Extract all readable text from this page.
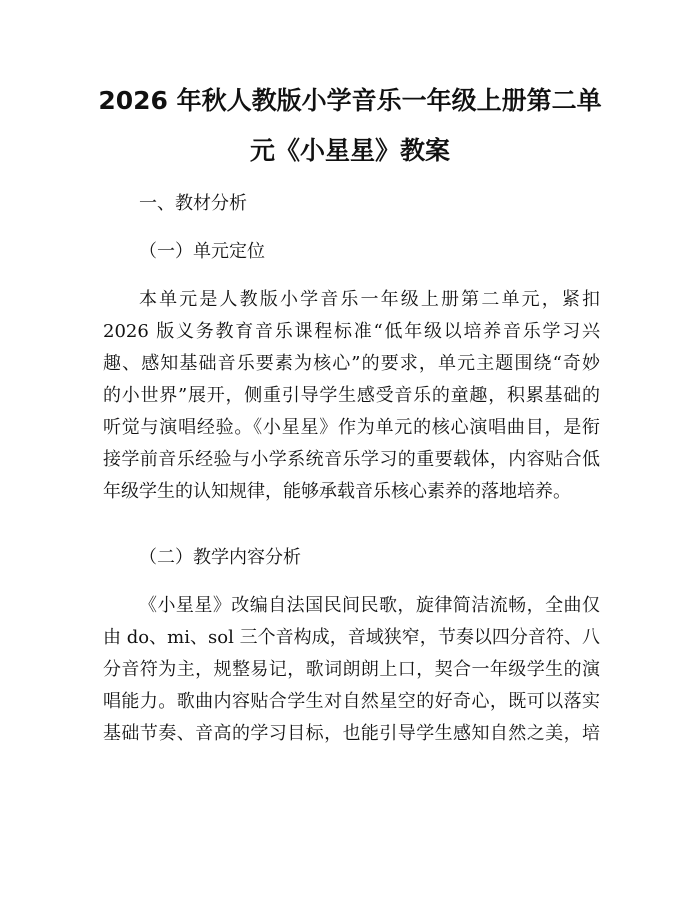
2026 年秋人教版小学音乐一年级上册第二单
元《小星星》教案
一、教材分析
（一）单元定位
本单元是人教版小学音乐一年级上册第二单元，紧扣
2026 版义务教育音乐课程标准“低年级以培养音乐学习兴
趣、感知基础音乐要素为核心”的要求，单元主题围绕“奇妙
的小世界”展开，侧重引导学生感受音乐的童趣，积累基础的
听觉与演唱经验。《小星星》作为单元的核心演唱曲目，是衔
接学前音乐经验与小学系统音乐学习的重要载体，内容贴合低
年级学生的认知规律，能够承载音乐核心素养的落地培养。
（二）教学内容分析
《小星星》改编自法国民间民歌，旋律简洁流畅，全曲仅
由 do、mi、sol 三个音构成，音域狭窄，节奏以四分音符、八
分音符为主，规整易记，歌词朗朗上口，契合一年级学生的演
唱能力。歌曲内容贴合学生对自然星空的好奇心，既可以落实
基础节奏、音高的学习目标，也能引导学生感知自然之美，培
